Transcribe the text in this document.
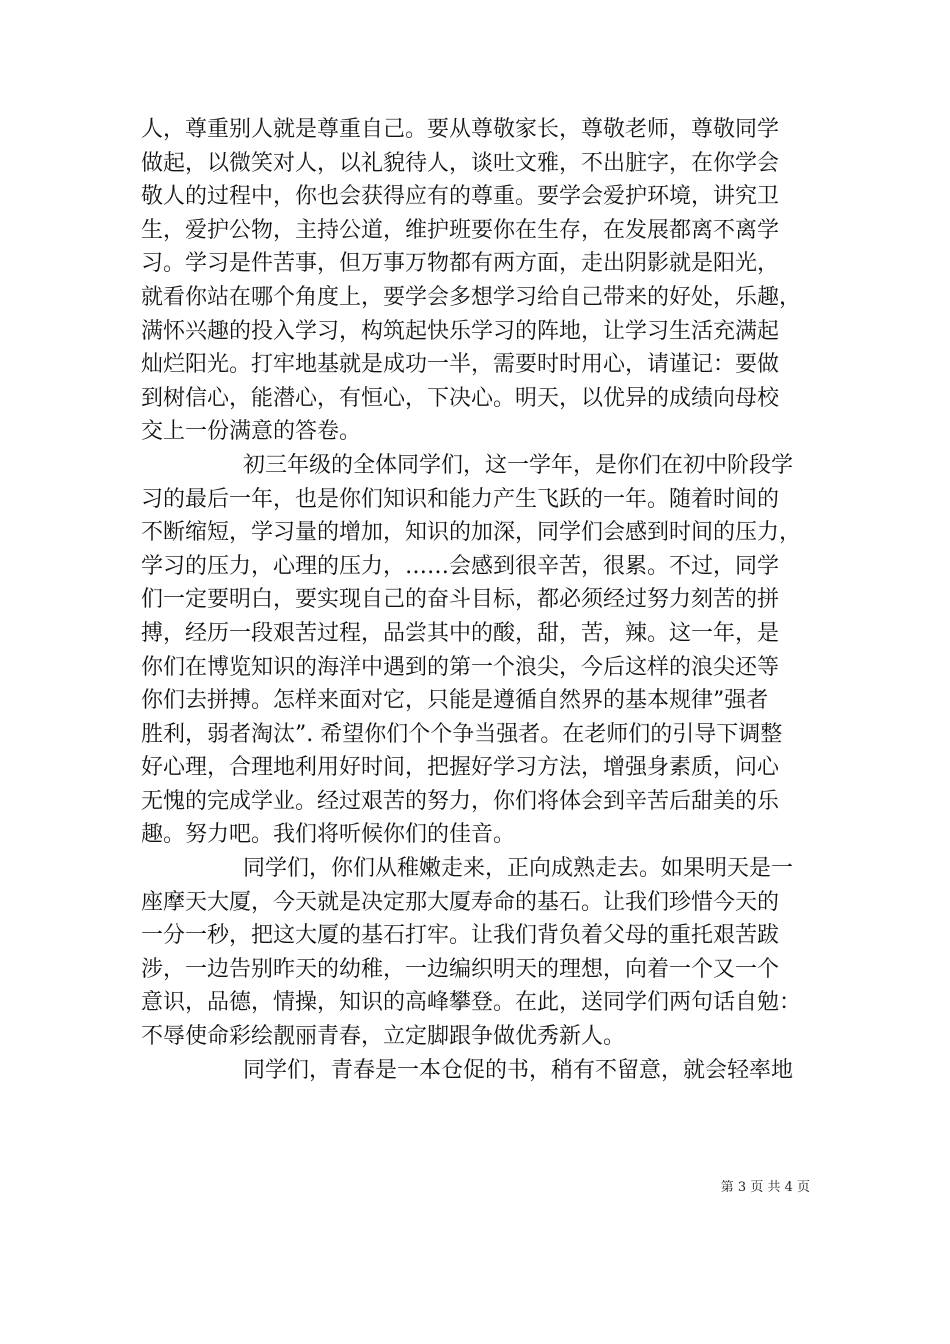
人，尊重别人就是尊重自己。要从尊敬家长，尊敬老师，尊敬同学
做起，以微笑对人，以礼貌待人，谈吐文雅，不出脏字，在你学会
敬人的过程中，你也会获得应有的尊重。要学会爱护环境，讲究卫
生，爱护公物，主持公道，维护班要你在生存，在发展都离不离学
习。学习是件苦事，但万事万物都有两方面，走出阴影就是阳光，
就看你站在哪个角度上，要学会多想学习给自己带来的好处，乐趣，
满怀兴趣的投入学习，构筑起快乐学习的阵地，让学习生活充满起
灿烂阳光。打牢地基就是成功一半，需要时时用心，请谨记：要做
到树信心，能潜心，有恒心，下决心。明天，以优异的成绩向母校
交上一份满意的答卷。
初三年级的全体同学们，这一学年，是你们在初中阶段学
习的最后一年，也是你们知识和能力产生飞跃的一年。随着时间的
不断缩短，学习量的增加，知识的加深，同学们会感到时间的压力，
学习的压力，心理的压力，……会感到很辛苦，很累。不过，同学
们一定要明白，要实现自己的奋斗目标，都必须经过努力刻苦的拼
搏，经历一段艰苦过程，品尝其中的酸，甜，苦，辣。这一年，是
你们在博览知识的海洋中遇到的第一个浪尖，今后这样的浪尖还等
你们去拼搏。怎样来面对它，只能是遵循自然界的基本规律”强者
胜利，弱者淘汰”. 希望你们个个争当强者。在老师们的引导下调整
好心理，合理地利用好时间，把握好学习方法，增强身素质，问心
无愧的完成学业。经过艰苦的努力，你们将体会到辛苦后甜美的乐
趣。努力吧。我们将听候你们的佳音。
同学们，你们从稚嫩走来，正向成熟走去。如果明天是一
座摩天大厦，今天就是决定那大厦寿命的基石。让我们珍惜今天的
一分一秒，把这大厦的基石打牢。让我们背负着父母的重托艰苦跋
涉，一边告别昨天的幼稚，一边编织明天的理想，向着一个又一个
意识，品德，情操，知识的高峰攀登。在此，送同学们两句话自勉：
不辱使命彩绘靓丽青春，立定脚跟争做优秀新人。
同学们，青春是一本仓促的书，稍有不留意，就会轻率地
第 3 页 共 4 页
